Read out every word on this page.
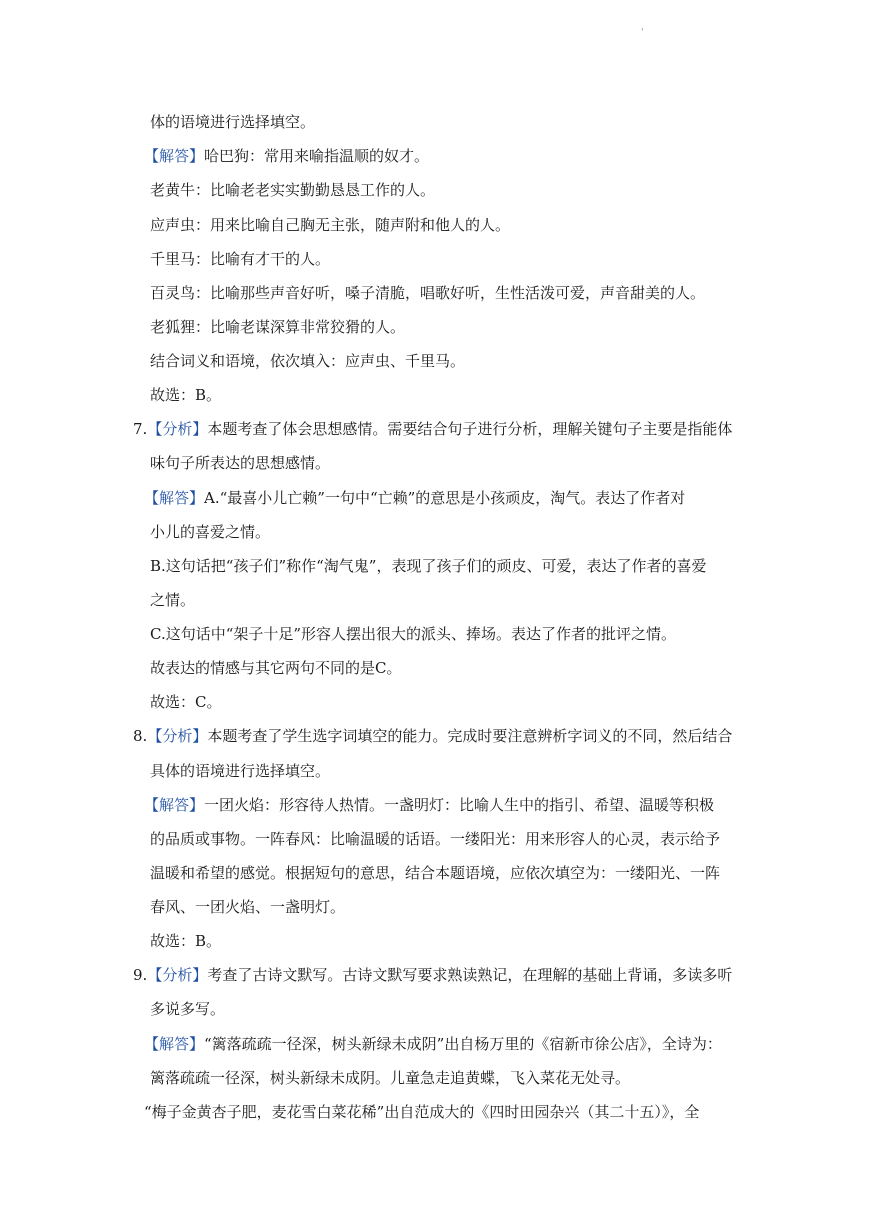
'
体的语境进行选择填空。
【解答】哈巴狗：常用来喻指温顺的奴才。
老黄牛：比喻老老实实勤勤恳恳工作的人。
应声虫：用来比喻自己胸无主张，随声附和他人的人。
千里马：比喻有才干的人。
百灵鸟：比喻那些声音好听，嗓子清脆，唱歌好听，生性活泼可爱，声音甜美的人。
老狐狸：比喻老谋深算非常狡猾的人。
结合词义和语境，依次填入：应声虫、千里马。
故选：B。
7.【分析】本题考查了体会思想感情。需要结合句子进行分析，理解关键句子主要是指能体
味句子所表达的思想感情。
【解答】A.“最喜小儿亡赖”一句中“亡赖”的意思是小孩顽皮，淘气。表达了作者对
小儿的喜爱之情。
B.这句话把“孩子们”称作“淘气鬼”，表现了孩子们的顽皮、可爱，表达了作者的喜爱
之情。
C.这句话中“架子十足”形容人摆出很大的派头、捧场。表达了作者的批评之情。
故表达的情感与其它两句不同的是C。
故选：C。
8.【分析】本题考查了学生选字词填空的能力。完成时要注意辨析字词义的不同，然后结合
具体的语境进行选择填空。
【解答】一团火焰：形容待人热情。一盏明灯：比喻人生中的指引、希望、温暖等积极
的品质或事物。一阵春风：比喻温暖的话语。一缕阳光：用来形容人的心灵，表示给予
温暖和希望的感觉。根据短句的意思，结合本题语境，应依次填空为：一缕阳光、一阵
春风、一团火焰、一盏明灯。
故选：B。
9.【分析】考查了古诗文默写。古诗文默写要求熟读熟记，在理解的基础上背诵，多读多听
多说多写。
【解答】“篱落疏疏一径深，树头新绿未成阴”出自杨万里的《宿新市徐公店》，全诗为：
篱落疏疏一径深，树头新绿未成阴。儿童急走追黄蝶，飞入菜花无处寻。
“梅子金黄杏子肥，麦花雪白菜花稀”出自范成大的《四时田园杂兴（其二十五）》，全
